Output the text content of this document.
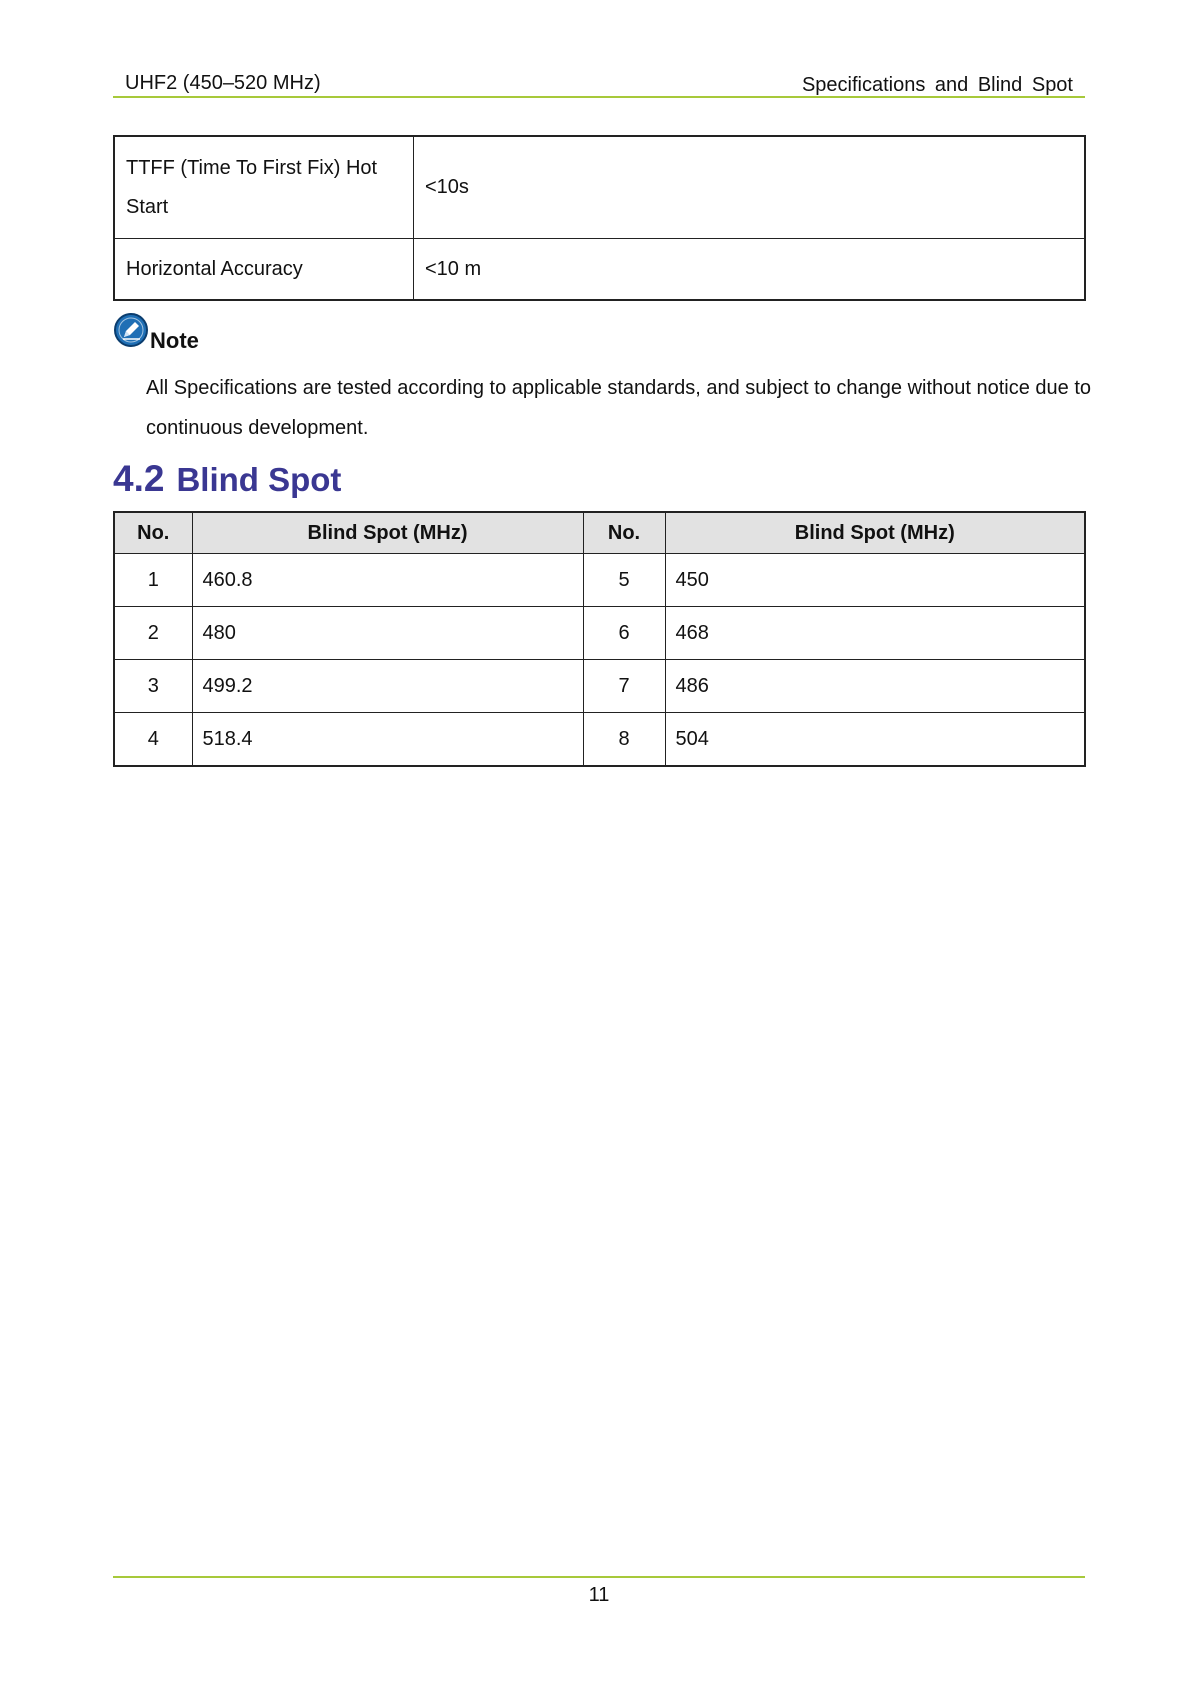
UHF2 (450–520 MHz)	Specifications and Blind Spot
TTFF (Time To First Fix) Hot Start	<10s
Horizontal Accuracy	<10 m
Note
All Specifications are tested according to applicable standards, and subject to change without notice due to continuous development.
4.2 Blind Spot
No.	Blind Spot (MHz)	No.	Blind Spot (MHz)
1	460.8	5	450
2	480	6	468
3	499.2	7	486
4	518.4	8	504
11
